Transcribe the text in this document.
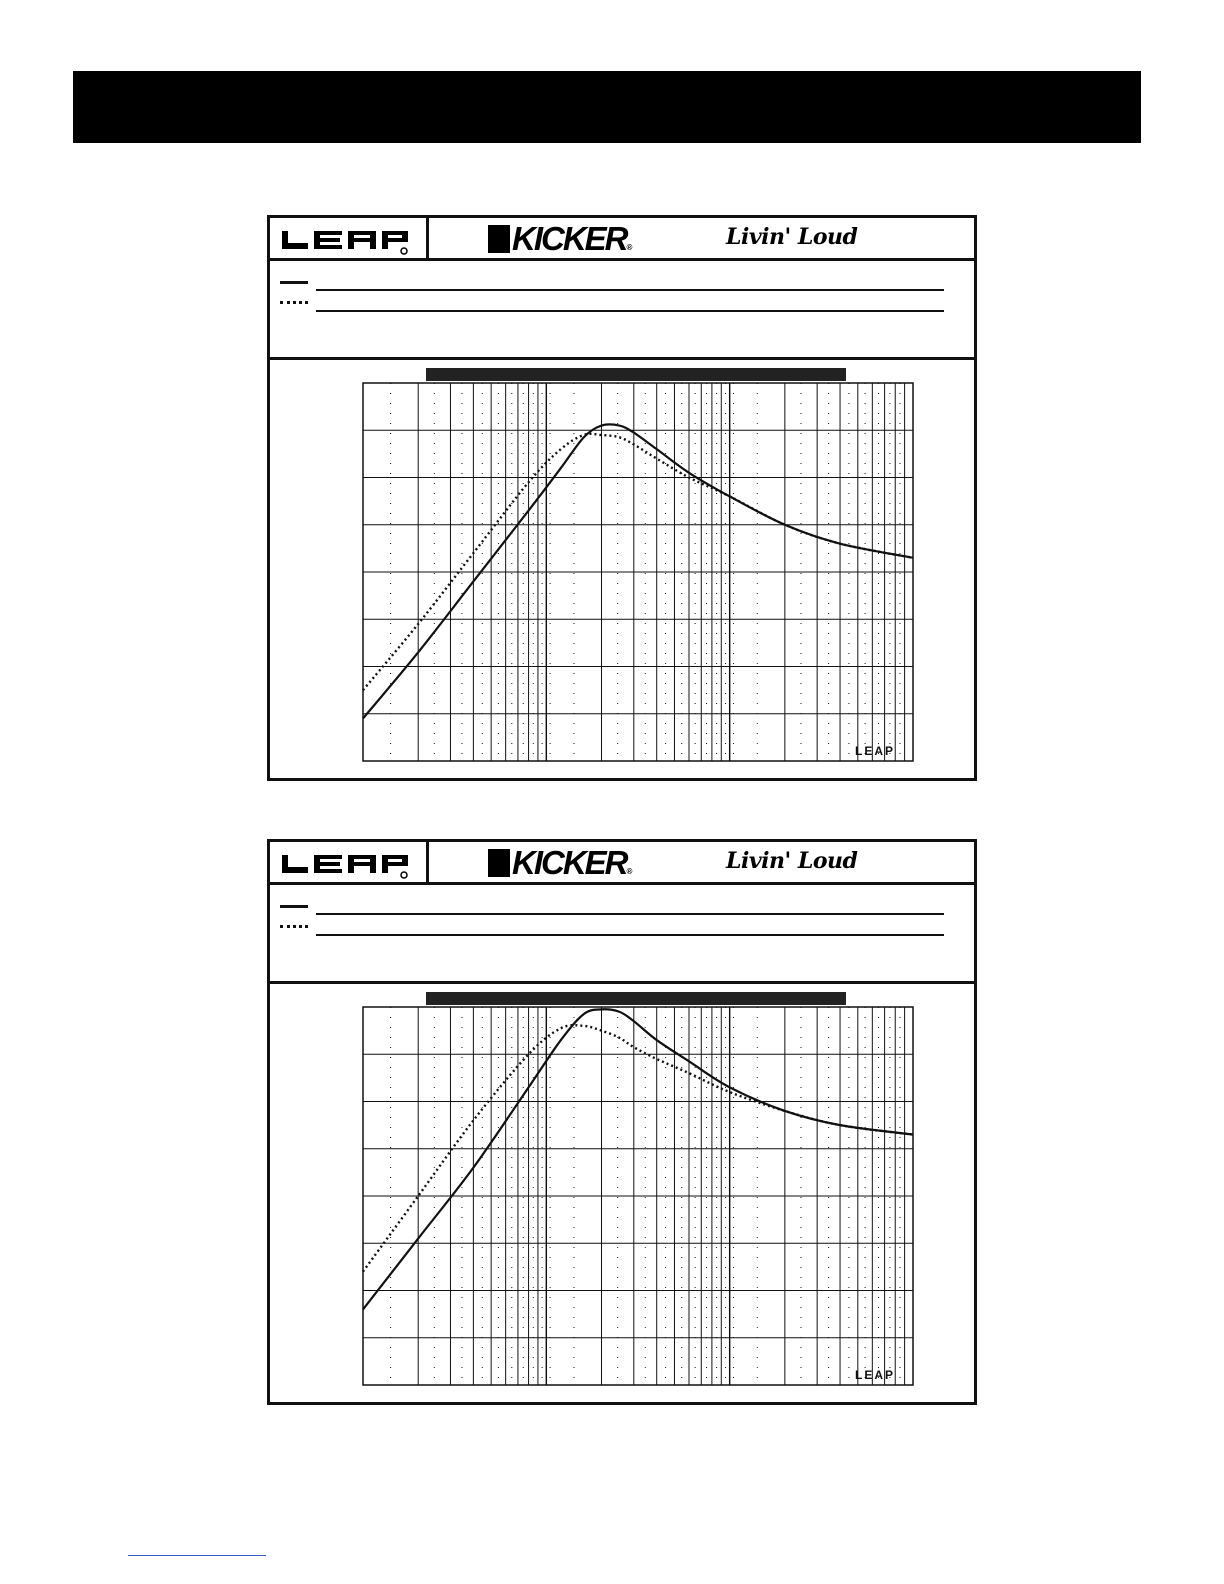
KICKER®	Livin' Loud
LEAP
KICKER®	Livin' Loud
LEAP
